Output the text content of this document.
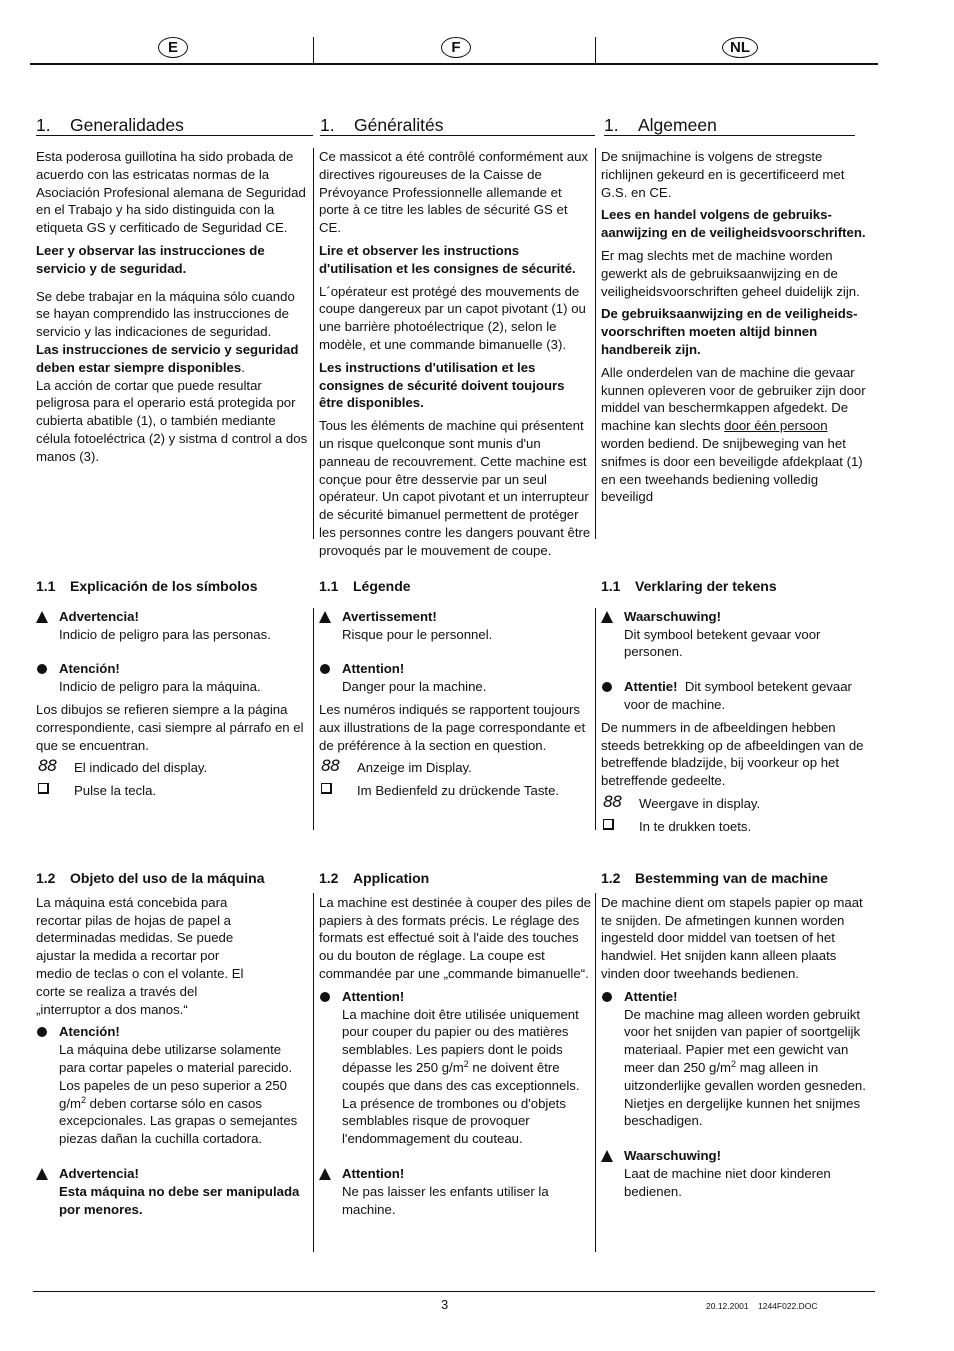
E	F	NL
1. Generalidades	1. Généralités	1. Algemeen

Esta poderosa guillotina ha sido probada de acuerdo con las estricatas normas de la Asociación Profesional alemana de Seguridad en el Trabajo y ha sido distinguida con la etiqueta GS y cerfiticado de Seguridad CE.

Leer y observar las instrucciones de servicio y de seguridad.

Se debe trabajar en la máquina sólo cuando se hayan comprendido las instrucciones de servicio y las indicaciones de seguridad.

Las instrucciones de servicio y seguridad deben estar siempre disponibles.

La acción de cortar que puede resultar peligrosa para el operario está protegida por cubierta abatible (1), o también mediante célula fotoeléctrica (2) y sistma d control a dos manos (3).

Ce massicot a été contrôlé conformément aux directives rigoureuses de la Caisse de Prévoyance Professionnelle allemande et porte à ce titre les lables de sécurité GS et CE.

Lire et observer les instructions d'utilisation et les consignes de sécurité.

L´opérateur est protégé des mouvements de coupe dangereux par un capot pivotant (1) ou une barrière photoélectrique (2), selon le modèle, et une commande bimanuelle (3).

Les instructions d'utilisation et les consignes de sécurité doivent toujours être disponibles.

Tous les éléments de machine qui présentent un risque quelconque sont munis d'un panneau de recouvrement. Cette machine est conçue pour être desservie par un seul opérateur. Un capot pivotant et un interrupteur de sécurité bimanuel permettent de protéger les personnes contre les dangers pouvant être provoqués par le mouvement de coupe.

De snijmachine is volgens de stregste richlijnen gekeurd en is gecertificeerd met G.S. en CE.

Lees en handel volgens de gebruiks-aanwijzing en de veiligheidsvoorschriften.

Er mag slechts met de machine worden gewerkt als de gebruiksaanwijzing en de veiligheidsvoorschriften geheel duidelijk zijn.

De gebruiksaanwijzing en de veiligheids-voorschriften moeten altijd binnen handbereik zijn.

Alle onderdelen van de machine die gevaar kunnen opleveren voor de gebruiker zijn door middel van beschermkappen afgedekt. De machine kan slechts door één persoon worden bediend. De snijbeweging van het snifmes is door een beveiligde afdekplaat (1) en een tweehands bediening volledig beveiligd

1.1 Explicación de los símbolos
Advertencia!

Indicio de peligro para las personas.

Atención!

Indicio de peligro para la máquina.

Los dibujos se refieren siempre a la página correspondiente, casi siempre al párrafo en el que se encuentran.

88 El indicado del display.
Pulse la tecla.
1.1 Légende
Avertissement!

Risque pour le personnel.

Attention!

Danger pour la machine.

Les numéros indiqués se rapportent toujours aux illustrations de la page correspondante et de préférence à la section en question.

88 Anzeige im Display.
Im Bedienfeld zu drückende Taste.
1.1 Verklaring der tekens
Waarschuwing!

Dit symbool betekent gevaar voor personen.

Attentie! Dit symbool betekent gevaar

voor de machine.

De nummers in de afbeeldingen hebben steeds betrekking op de afbeeldingen van de betreffende bladzijde, bij voorkeur op het betreffende gedeelte.

88 Weergave in display.
In te drukken toets.
1.2 Objeto del uso de la máquina

La máquina está concebida para recortar pilas de hojas de papel a determinadas medidas. Se puede ajustar la medida a recortar por medio de teclas o con el volante. El corte se realiza a través del „interruptor a dos manos.“

Atención!

La máquina debe utilizarse solamente para cortar papeles o material parecido. Los papeles de un peso superior a 250 $g/m^2$ deben cortarse sólo en casos excepcionales. Las grapas o semejantes piezas dañan la cuchilla cortadora.

Advertencia!

Esta máquina no debe ser manipulada por menores.

1.2 Application

La machine est destinée à couper des piles de papiers à des formats précis. Le réglage des formats est effectué soit à l'aide des touches ou du bouton de réglage. La coupe est commandée par une „commande bimanuelle“.

Attention!

La machine doit être utilisée uniquement pour couper du papier ou des matières semblables. Les papiers dont le poids dépasse les 250 $g/m^2$ ne doivent être coupés que dans des cas exceptionnels. La présence de trombones ou d'objets semblables risque de provoquer l'endommagement du couteau.

Attention!

Ne pas laisser les enfants utiliser la machine.

1.2 Bestemming van de machine

De machine dient om stapels papier op maat te snijden. De afmetingen kunnen worden ingesteld door middel van toetsen of het handwiel. Het snijden kann alleen plaats vinden door tweehands bedienen.

Attentie!

De machine mag alleen worden gebruikt voor het snijden van papier of soortgelijk materiaal. Papier met een gewicht van meer dan 250 $g/m^2$ mag alleen in uitzonderlijke gevallen worden gesneden. Nietjes en dergelijke kunnen het snijmes beschadigen.

Waarschuwing!

Laat de machine niet door kinderen bedienen.

3	20.12.2001    1244F022.DOC
